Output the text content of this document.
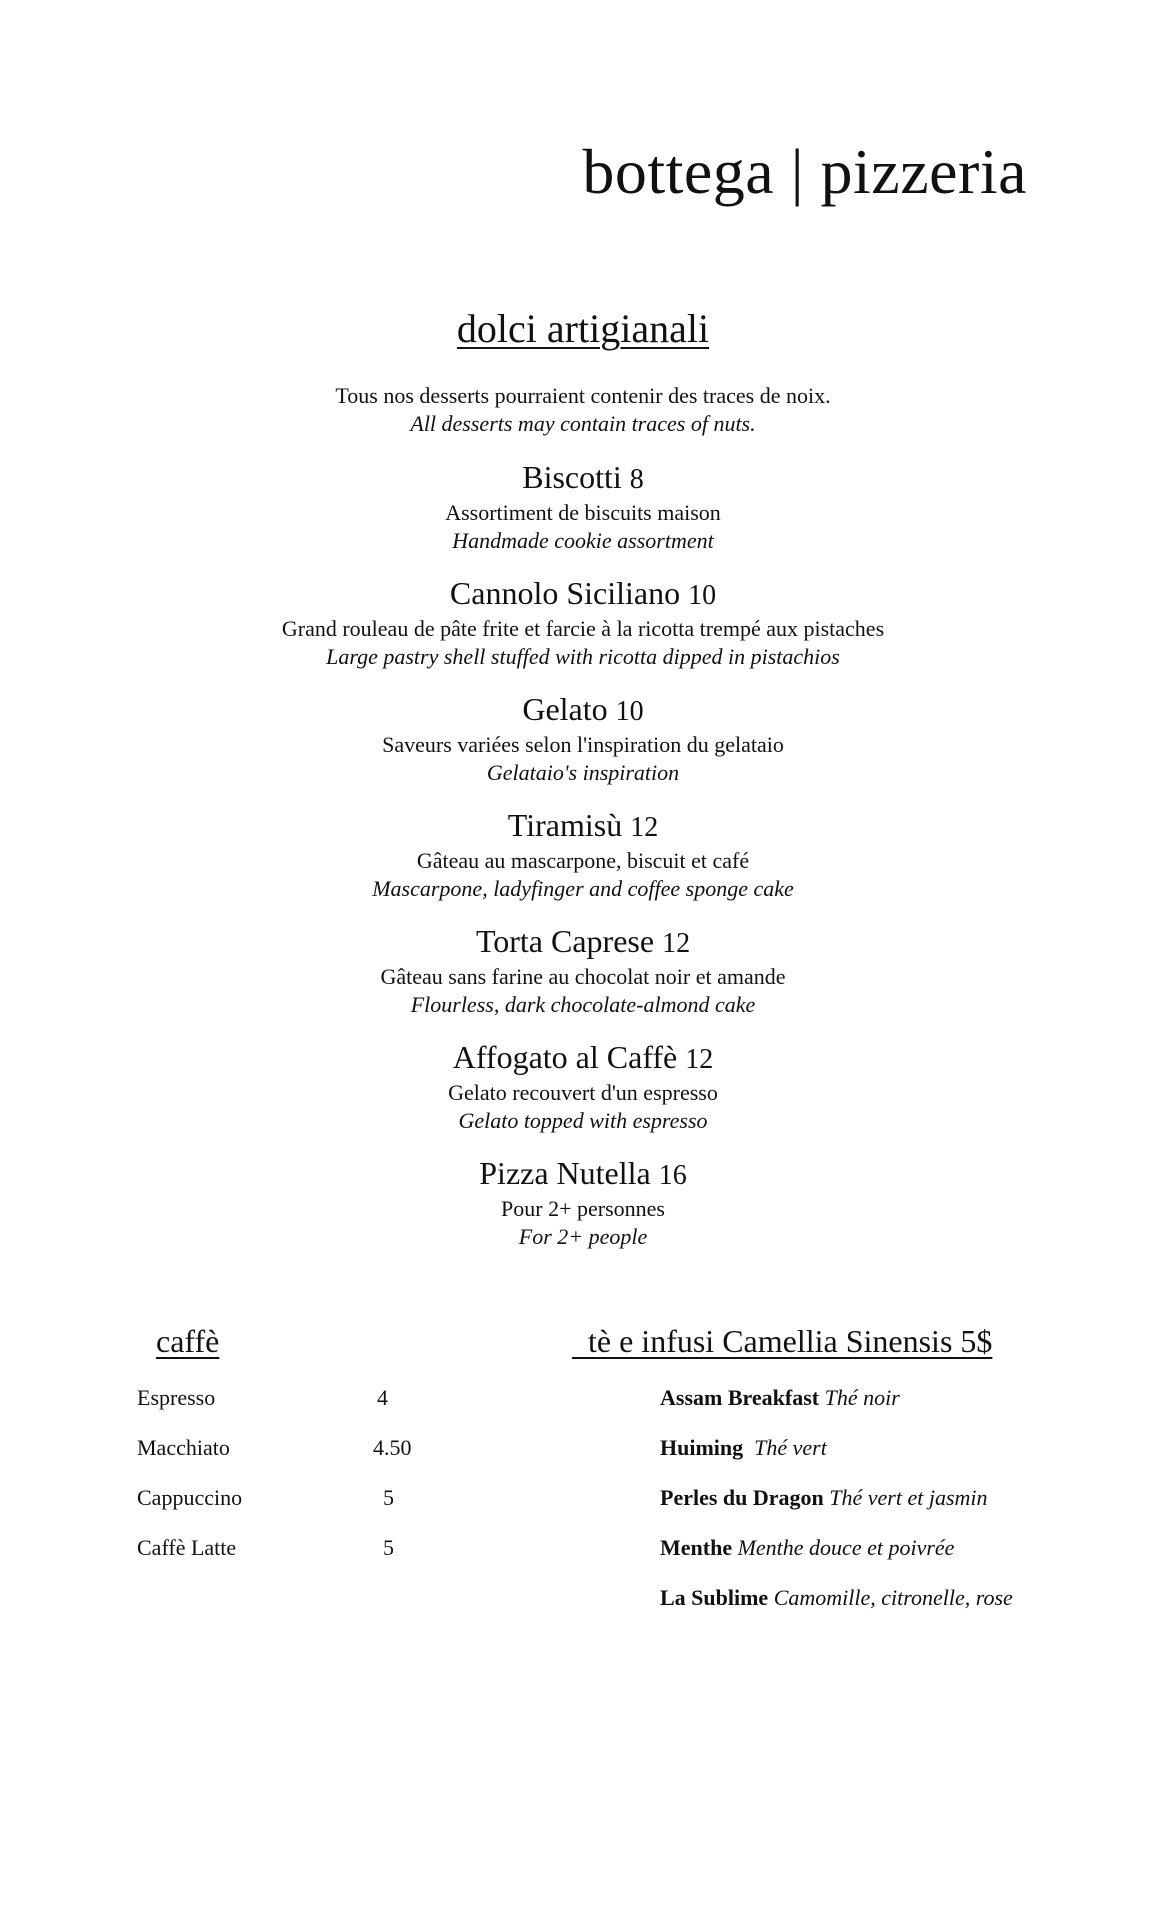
bottega | pizzeria
dolci artigianali
Tous nos desserts pourraient contenir des traces de noix.
All desserts may contain traces of nuts.
Biscotti 8
Assortiment de biscuits maison
Handmade cookie assortment
Cannolo Siciliano 10
Grand rouleau de pâte frite et farcie à la ricotta trempé aux pistaches
Large pastry shell stuffed with ricotta dipped in pistachios
Gelato 10
Saveurs variées selon l'inspiration du gelataio
Gelataio's inspiration
Tiramisù 12
Gâteau au mascarpone, biscuit et café
Mascarpone, ladyfinger and coffee sponge cake
Torta Caprese 12
Gâteau sans farine au chocolat noir et amande
Flourless, dark chocolate-almond cake
Affogato al Caffè 12
Gelato recouvert d'un espresso
Gelato topped with espresso
Pizza Nutella 16
Pour 2+ personnes
For 2+ people
caffè	tè e infusi Camellia Sinensis 5$
Espresso	4
Macchiato	4.50
Cappuccino	5
Caffè Latte	5
Assam Breakfast Thé noir
Huiming Thé vert
Perles du Dragon Thé vert et jasmin
Menthe Menthe douce et poivrée
La Sublime Camomille, citronelle, rose
